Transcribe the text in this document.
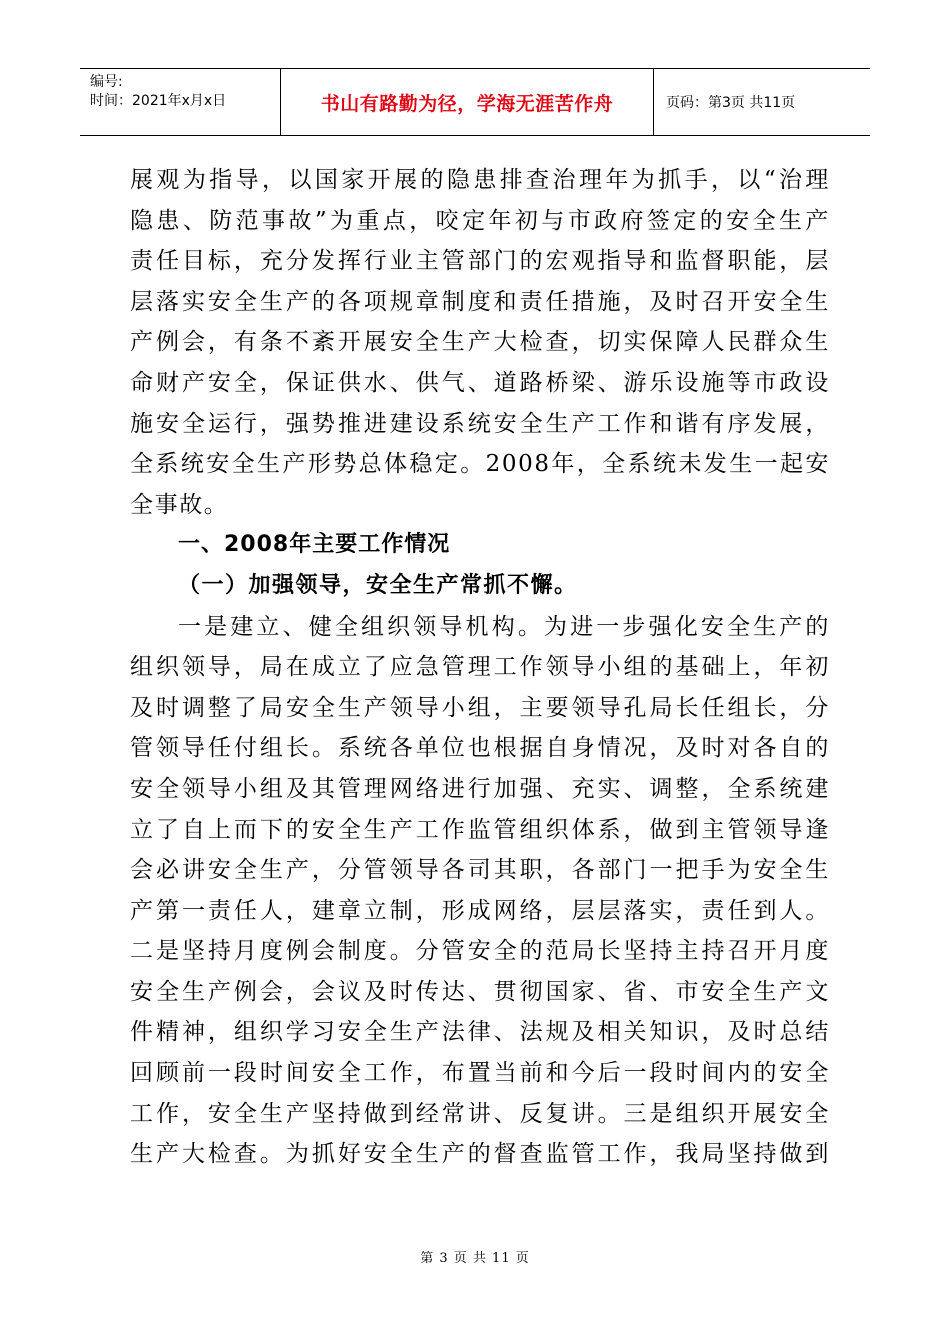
编号:
时间：2021年x月x日	书山有路勤为径，学海无涯苦作舟	页码：第3页 共11页

展观为指导，以国家开展的隐患排查治理年为抓手，以“治理

隐患、防范事故”为重点，咬定年初与市政府签定的安全生产

责任目标，充分发挥行业主管部门的宏观指导和监督职能，层

层落实安全生产的各项规章制度和责任措施，及时召开安全生

产例会，有条不紊开展安全生产大检查，切实保障人民群众生

命财产安全，保证供水、供气、道路桥梁、游乐设施等市政设

施安全运行，强势推进建设系统安全生产工作和谐有序发展，

全系统安全生产形势总体稳定。2008年，全系统未发生一起安

全事故。

一、2008年主要工作情况

（一）加强领导，安全生产常抓不懈。

一是建立、健全组织领导机构。为进一步强化安全生产的

组织领导，局在成立了应急管理工作领导小组的基础上，年初

及时调整了局安全生产领导小组，主要领导孔局长任组长，分

管领导任付组长。系统各单位也根据自身情况，及时对各自的

安全领导小组及其管理网络进行加强、充实、调整，全系统建

立了自上而下的安全生产工作监管组织体系，做到主管领导逢

会必讲安全生产，分管领导各司其职，各部门一把手为安全生

产第一责任人，建章立制，形成网络，层层落实，责任到人。

二是坚持月度例会制度。分管安全的范局长坚持主持召开月度

安全生产例会，会议及时传达、贯彻国家、省、市安全生产文

件精神，组织学习安全生产法律、法规及相关知识，及时总结

回顾前一段时间安全工作，布置当前和今后一段时间内的安全

工作，安全生产坚持做到经常讲、反复讲。三是组织开展安全

生产大检查。为抓好安全生产的督查监管工作，我局坚持做到

第 3 页 共 11 页
